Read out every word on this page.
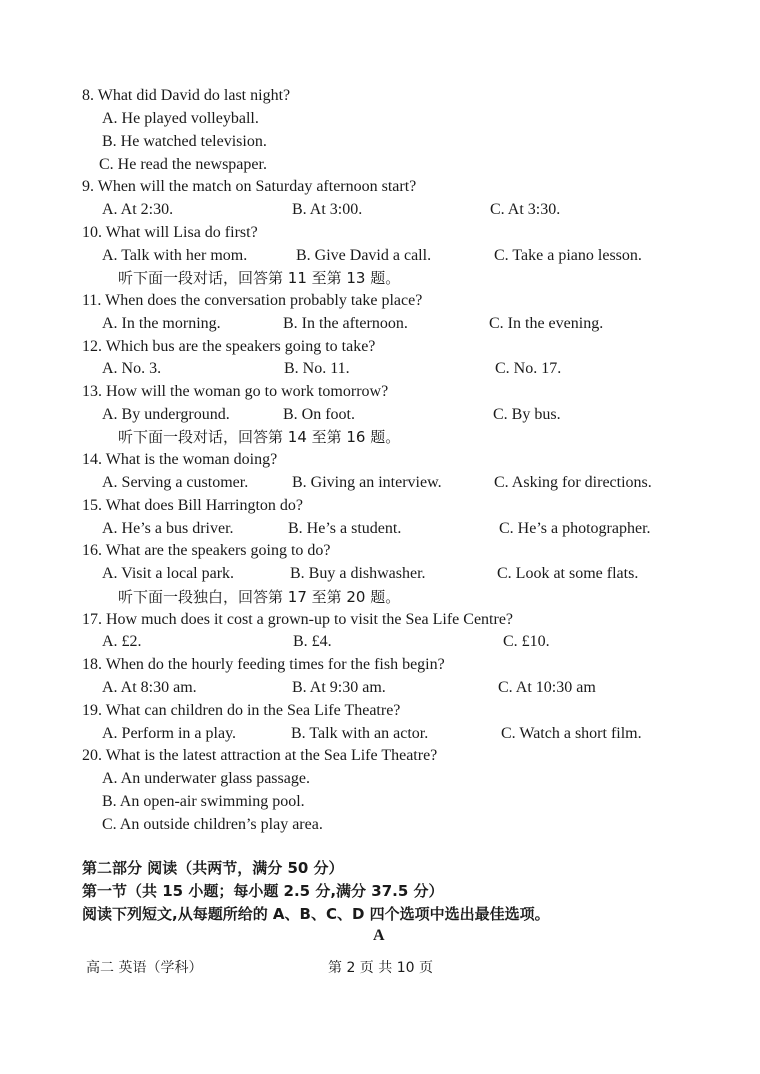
8. What did David do last night?
A. He played volleyball.
B. He watched television.
C. He read the newspaper.
9. When will the match on Saturday afternoon start?
A. At 2:30.	B. At 3:00.	C. At 3:30.
10. What will Lisa do first?
A. Talk with her mom.	B. Give David a call.	C. Take a piano lesson.
听下面一段对话，回答第 11 至第 13 题。
11. When does the conversation probably take place?
A. In the morning.	B. In the afternoon.	C. In the evening.
12. Which bus are the speakers going to take?
A. No. 3.	B. No. 11.	C. No. 17.
13. How will the woman go to work tomorrow?
A. By underground.	B. On foot.	C. By bus.
听下面一段对话，回答第 14 至第 16 题。
14. What is the woman doing?
A. Serving a customer.	B. Giving an interview.	C. Asking for directions.
15. What does Bill Harrington do?
A. He’s a bus driver.	B. He’s a student.	C. He’s a photographer.
16. What are the speakers going to do?
A. Visit a local park.	B. Buy a dishwasher.	C. Look at some flats.
听下面一段独白，回答第 17 至第 20 题。
17. How much does it cost a grown-up to visit the Sea Life Centre?
A. £2.	B. £4.	C. £10.
18. When do the hourly feeding times for the fish begin?
A. At 8:30 am.	B. At 9:30 am.	C. At 10:30 am
19. What can children do in the Sea Life Theatre?
A. Perform in a play.	B. Talk with an actor.	C. Watch a short film.
20. What is the latest attraction at the Sea Life Theatre?
A. An underwater glass passage.
B. An open-air swimming pool.
C. An outside children’s play area.
第二部分 阅读（共两节，满分 50 分）
第一节（共 15 小题；每小题 2.5 分,满分 37.5 分）
阅读下列短文,从每题所给的 A、B、C、D 四个选项中选出最佳选项。
A
高二 英语（学科）	第 2 页 共 10 页
